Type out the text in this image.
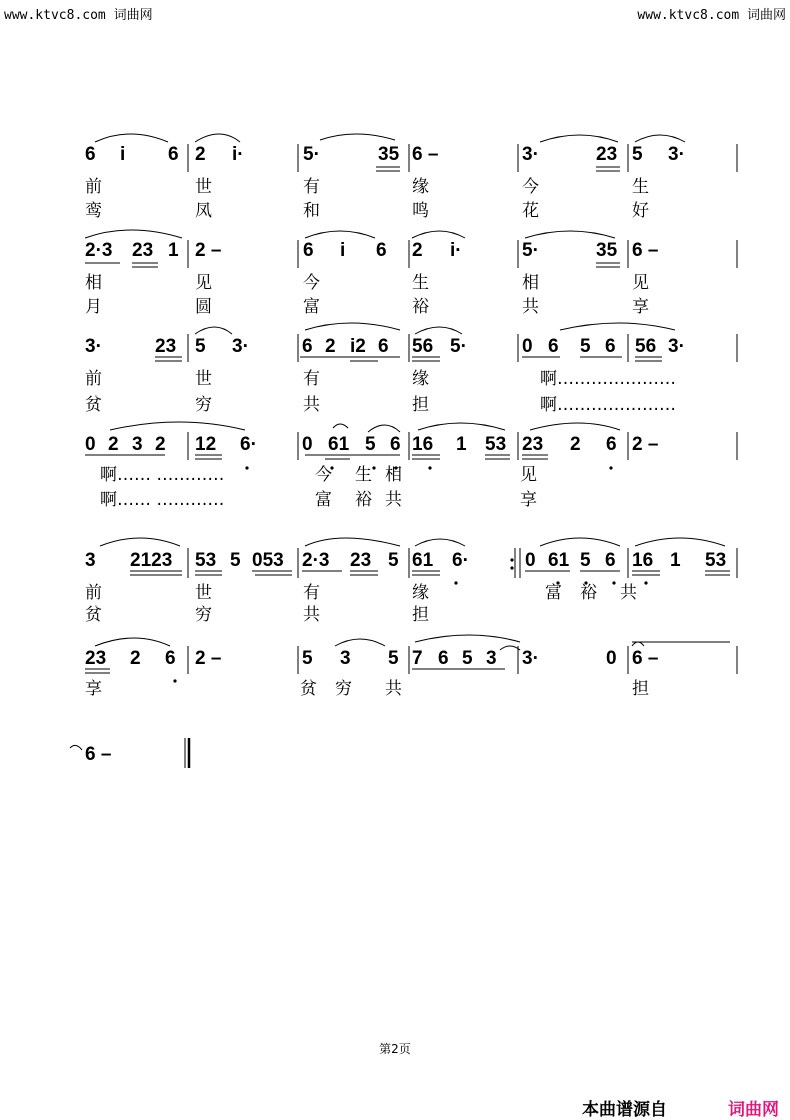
www.ktvc8.com 词曲网	www.ktvc8.com 词曲网
6 i 6 2 i·	5·	35 6 –	3·	23 5 3·
2·3 23 1 2 –	6 i 6 2 i·	5·	35 6 –
3·	23 5 3·	6 2 i2 6 56 5·	0 6 5 6 56 3·
0 2 3 2 12 6· 0 61 5 6 16 1 53 23 2 6 2 –
3 2123 53 5 053 2·3 23 5 61 6·	0 61 5 6 16 1 53
23 2 6 2 –	5 3 5 7 6 5 3 3·	0 6 –
6 –
前	世	有	缘	今	生
鸾	凤	和	鸣	花	好
相	见	今	生	相	见
月	圆	富	裕	共	享
前	世	有	缘	啊…………………
贫	穷	共	担	啊…………………
啊…… …………	今 生 相	见
啊…… …………	富 裕 共	享
前	世	有	缘	富 裕 共
贫	穷	共	担
享	贫 穷 共	担
第2页
本曲谱源自	词曲网
